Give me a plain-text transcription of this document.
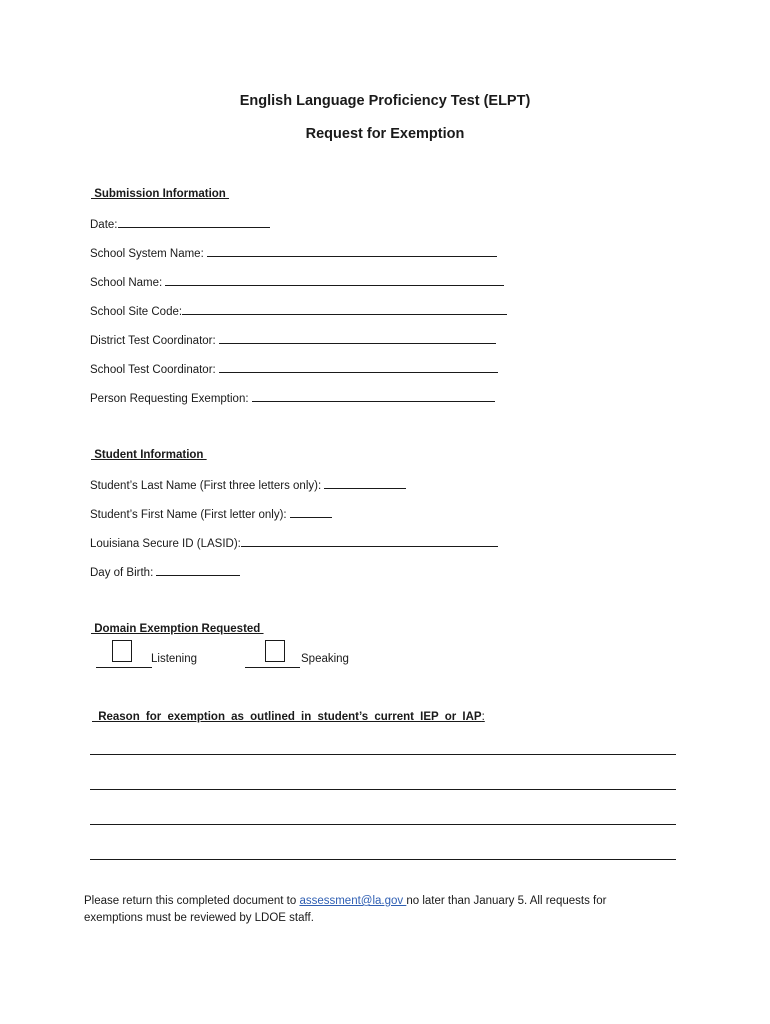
English Language Proficiency Test (ELPT)
Request for Exemption
Submission Information
Date:
School System Name:
School Name:
School Site Code:
District Test Coordinator:
School Test Coordinator:
Person Requesting Exemption:
Student Information
Student’s Last Name (First three letters only):
Student’s First Name (First letter only):
Louisiana Secure ID (LASID):
Day of Birth:
Domain Exemption Requested
Listening	Speaking
Reason for exemption as outlined in student’s current IEP or IAP:
Please return this completed document to assessment@la.gov no later than January 5. All requests for exemptions must be reviewed by LDOE staff.
